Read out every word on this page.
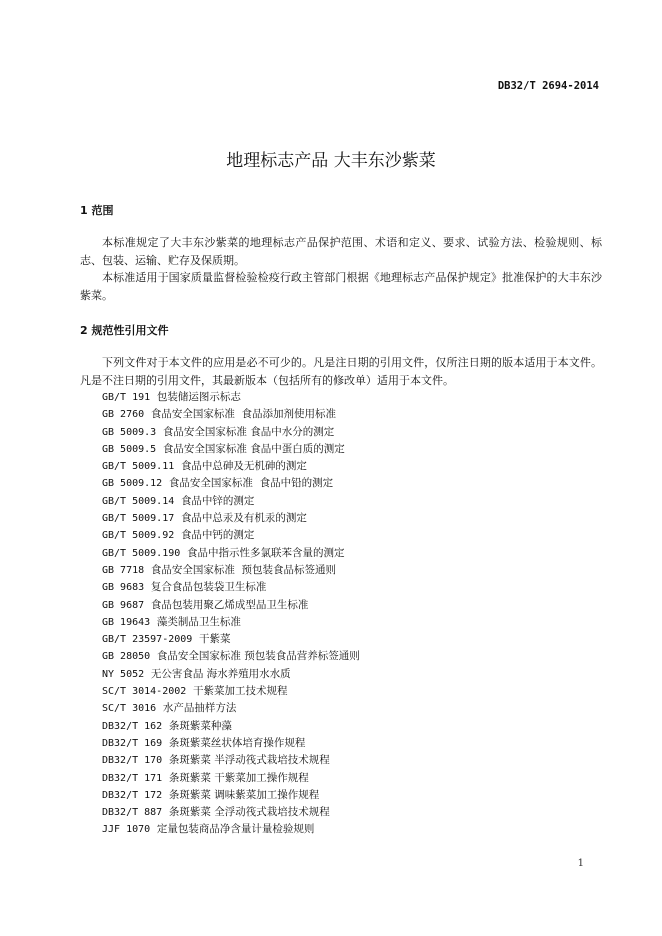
DB32/T 2694-2014
地理标志产品 大丰东沙紫菜
1 范围
本标准规定了大丰东沙紫菜的地理标志产品保护范围、术语和定义、要求、试验方法、检验规则、标志、包装、运输、贮存及保质期。
本标准适用于国家质量监督检验检疫行政主管部门根据《地理标志产品保护规定》批准保护的大丰东沙紫菜。
2 规范性引用文件
下列文件对于本文件的应用是必不可少的。凡是注日期的引用文件，仅所注日期的版本适用于本文件。凡是不注日期的引用文件，其最新版本（包括所有的修改单）适用于本文件。
GB/T 191 包装储运图示标志
GB 2760 食品安全国家标准  食品添加剂使用标准
GB 5009.3 食品安全国家标准 食品中水分的测定
GB 5009.5 食品安全国家标准 食品中蛋白质的测定
GB/T 5009.11 食品中总砷及无机砷的测定
GB 5009.12 食品安全国家标准  食品中铅的测定
GB/T 5009.14 食品中锌的测定
GB/T 5009.17 食品中总汞及有机汞的测定
GB/T 5009.92 食品中钙的测定
GB/T 5009.190 食品中指示性多氯联苯含量的测定
GB 7718 食品安全国家标准  预包装食品标签通则
GB 9683 复合食品包装袋卫生标准
GB 9687 食品包装用聚乙烯成型品卫生标准
GB 19643 藻类制品卫生标准
GB/T 23597-2009 干紫菜
GB 28050 食品安全国家标准 预包装食品营养标签通则
NY 5052 无公害食品 海水养殖用水水质
SC/T 3014-2002 干紫菜加工技术规程
SC/T 3016 水产品抽样方法
DB32/T 162 条斑紫菜种藻
DB32/T 169 条斑紫菜丝状体培育操作规程
DB32/T 170 条斑紫菜 半浮动筏式栽培技术规程
DB32/T 171 条斑紫菜 干紫菜加工操作规程
DB32/T 172 条斑紫菜 调味紫菜加工操作规程
DB32/T 887 条斑紫菜 全浮动筏式栽培技术规程
JJF 1070 定量包装商品净含量计量检验规则
1
